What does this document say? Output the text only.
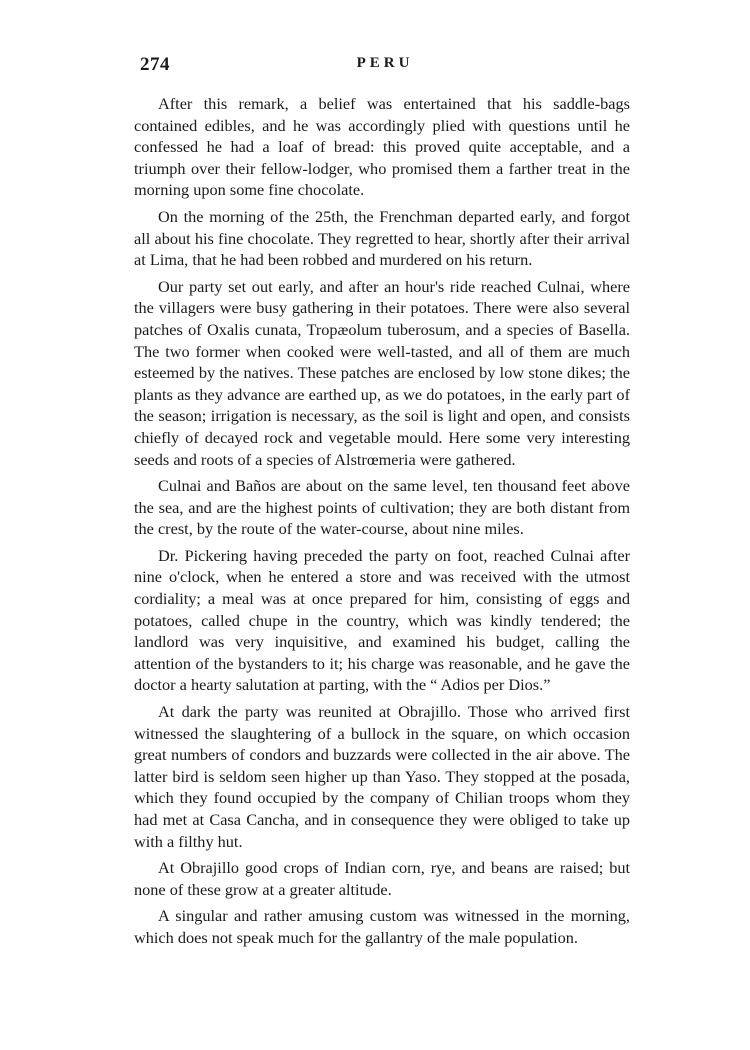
274	PERU

After this remark, a belief was entertained that his saddle-bags contained edibles, and he was accordingly plied with questions until he confessed he had a loaf of bread: this proved quite acceptable, and a triumph over their fellow-lodger, who promised them a farther treat in the morning upon some fine chocolate.

On the morning of the 25th, the Frenchman departed early, and forgot all about his fine chocolate. They regretted to hear, shortly after their arrival at Lima, that he had been robbed and murdered on his return.

Our party set out early, and after an hour's ride reached Culnai, where the villagers were busy gathering in their potatoes. There were also several patches of Oxalis cunata, Tropæolum tuberosum, and a species of Basella. The two former when cooked were well-tasted, and all of them are much esteemed by the natives. These patches are enclosed by low stone dikes; the plants as they advance are earthed up, as we do potatoes, in the early part of the season; irrigation is necessary, as the soil is light and open, and consists chiefly of decayed rock and vegetable mould. Here some very interesting seeds and roots of a species of Alstrœmeria were gathered.

Culnai and Baños are about on the same level, ten thousand feet above the sea, and are the highest points of cultivation; they are both distant from the crest, by the route of the water-course, about nine miles.

Dr. Pickering having preceded the party on foot, reached Culnai after nine o'clock, when he entered a store and was received with the utmost cordiality; a meal was at once prepared for him, consisting of eggs and potatoes, called chupe in the country, which was kindly tendered; the landlord was very inquisitive, and examined his budget, calling the attention of the bystanders to it; his charge was reasonable, and he gave the doctor a hearty salutation at parting, with the “ Adios per Dios.”

At dark the party was reunited at Obrajillo. Those who arrived first witnessed the slaughtering of a bullock in the square, on which occasion great numbers of condors and buzzards were collected in the air above. The latter bird is seldom seen higher up than Yaso. They stopped at the posada, which they found occupied by the company of Chilian troops whom they had met at Casa Cancha, and in consequence they were obliged to take up with a filthy hut.

At Obrajillo good crops of Indian corn, rye, and beans are raised; but none of these grow at a greater altitude.

A singular and rather amusing custom was witnessed in the morning, which does not speak much for the gallantry of the male population.
